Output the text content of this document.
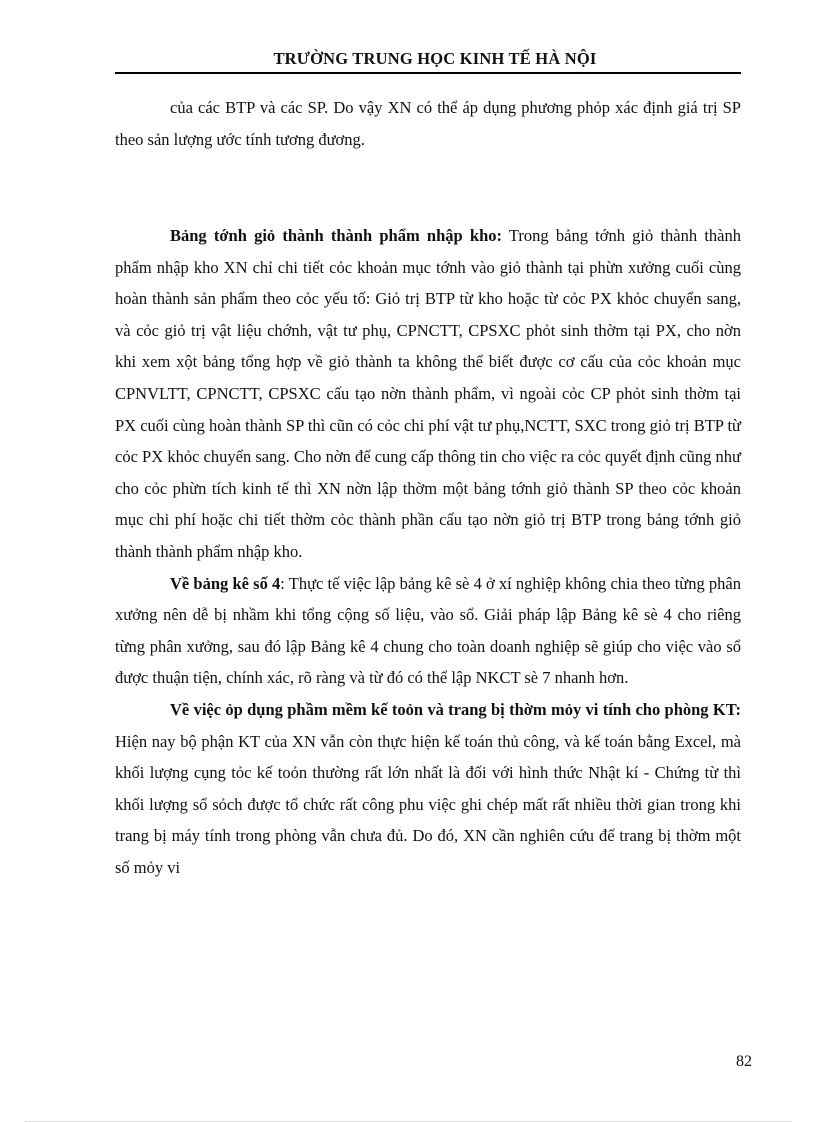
TRƯỜNG TRUNG HỌC KINH TẾ HÀ NỘI

của các BTP và các SP. Do vậy XN có thể áp dụng phương phỏp xác định giá trị SP theo sản lượng ước tính tương đương.

Bảng tớnh giỏ thành thành phẩm nhập kho: Trong bảng tớnh giỏ thành thành phẩm nhập kho XN chỉ chi tiết cỏc khoản mục tớnh vào giỏ thành tại phừn xưởng cuối cùng hoàn thành sản phẩm theo cỏc yếu tố: Giỏ trị BTP từ kho hoặc từ cỏc PX khỏc chuyển sang, và cỏc giỏ trị vật liệu chớnh, vật tư phụ, CPNCTT, CPSXC phỏt sinh thờm tại PX, cho nờn khi xem xột bảng tổng hợp về giỏ thành ta không thể biết được cơ cấu của cỏc khoản mục CPNVLTT, CPNCTT, CPSXC cấu tạo nờn thành phẩm, vì ngoài cỏc CP phỏt sinh thờm tại PX cuối cùng hoàn thành SP thì cũn có cỏc chi phí vật tư phụ,NCTT, SXC trong giỏ trị BTP từ cỏc PX khỏc chuyển sang. Cho nờn để cung cấp thông tin cho việc ra cỏc quyết định cũng như cho cỏc phừn tích kinh tế thì XN nờn lập thờm một bảng tớnh giỏ thành SP theo cỏc khoản mục chi phí hoặc chi tiết thờm cỏc thành phần cấu tạo nờn giỏ trị BTP trong bảng tớnh giỏ thành thành phẩm nhập kho.

Về bảng kê số 4: Thực tế việc lập bảng kê sè 4 ở xí nghiệp không chia theo từng phân xưởng nên dễ bị nhầm khi tổng cộng số liệu, vào sổ. Giải pháp lập Bảng kê sè 4 cho riêng từng phân xưởng, sau đó lập Bảng kê 4 chung cho toàn doanh nghiệp sẽ giúp cho việc vào sổ được thuận tiện, chính xác, rõ ràng và từ đó có thể lập NKCT sè 7 nhanh hơn.

Về việc ỏp dụng phầm mềm kế toỏn và trang bị thờm mỏy vi tính cho phòng KT: Hiện nay bộ phận KT của XN vẫn còn thực hiện kế toán thủ công, và kế toán bằng Excel, mà khối lượng cụng tỏc kế toỏn thường rất lớn nhất là đối với hình thức Nhật kí - Chứng từ thì khối lượng sổ sỏch được tổ chức rất công phu việc ghi chép mất rất nhiều thời gian trong khi trang bị máy tính trong phòng vẫn chưa đủ. Do đó, XN cần nghiên cứu để trang bị thờm một số mỏy vi

82
